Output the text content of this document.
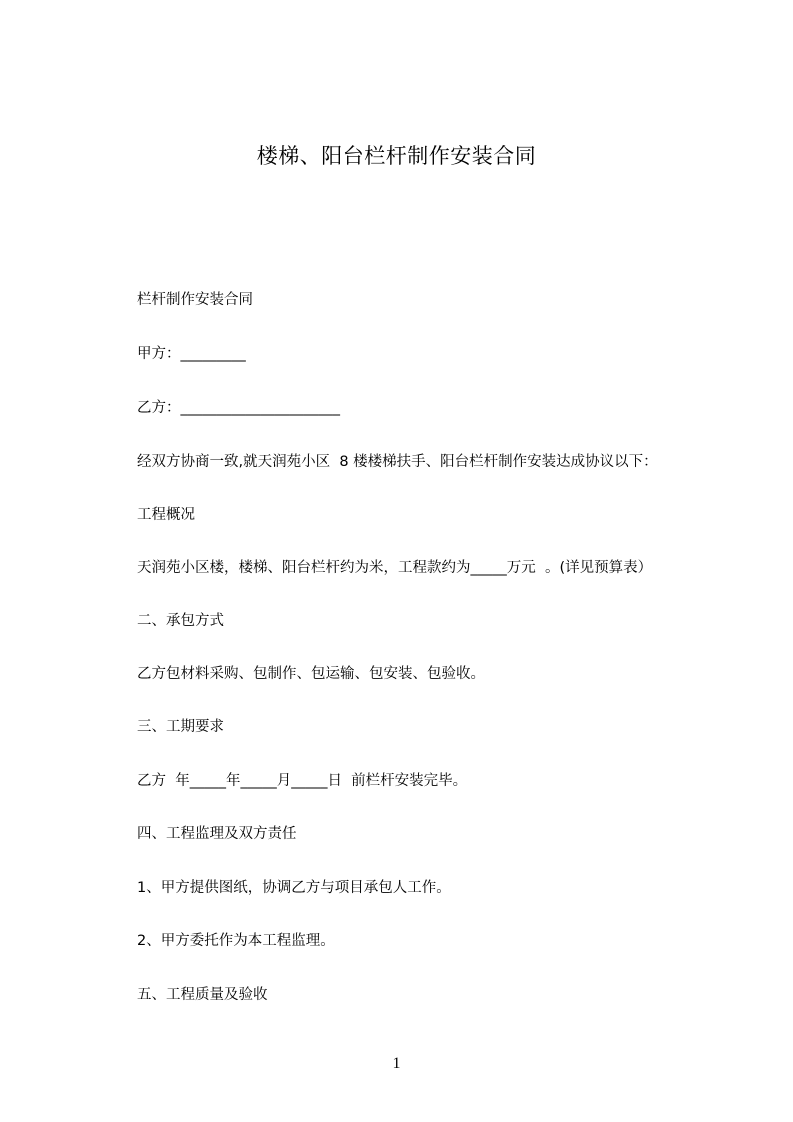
楼梯、阳台栏杆制作安装合同
栏杆制作安装合同
甲方：_________
乙方：______________________
经双方协商一致,就天润苑小区  8 楼楼梯扶手、阳台栏杆制作安装达成协议以下：
工程概况
天润苑小区楼，楼梯、阳台栏杆约为米，工程款约为_____万元  。(详见预算表）
二、承包方式
乙方包材料采购、包制作、包运输、包安装、包验收。
三、工期要求
乙方  年_____年_____月_____日  前栏杆安装完毕。
四、工程监理及双方责任
1、甲方提供图纸，协调乙方与项目承包人工作。
2、甲方委托作为本工程监理。
五、工程质量及验收
1
